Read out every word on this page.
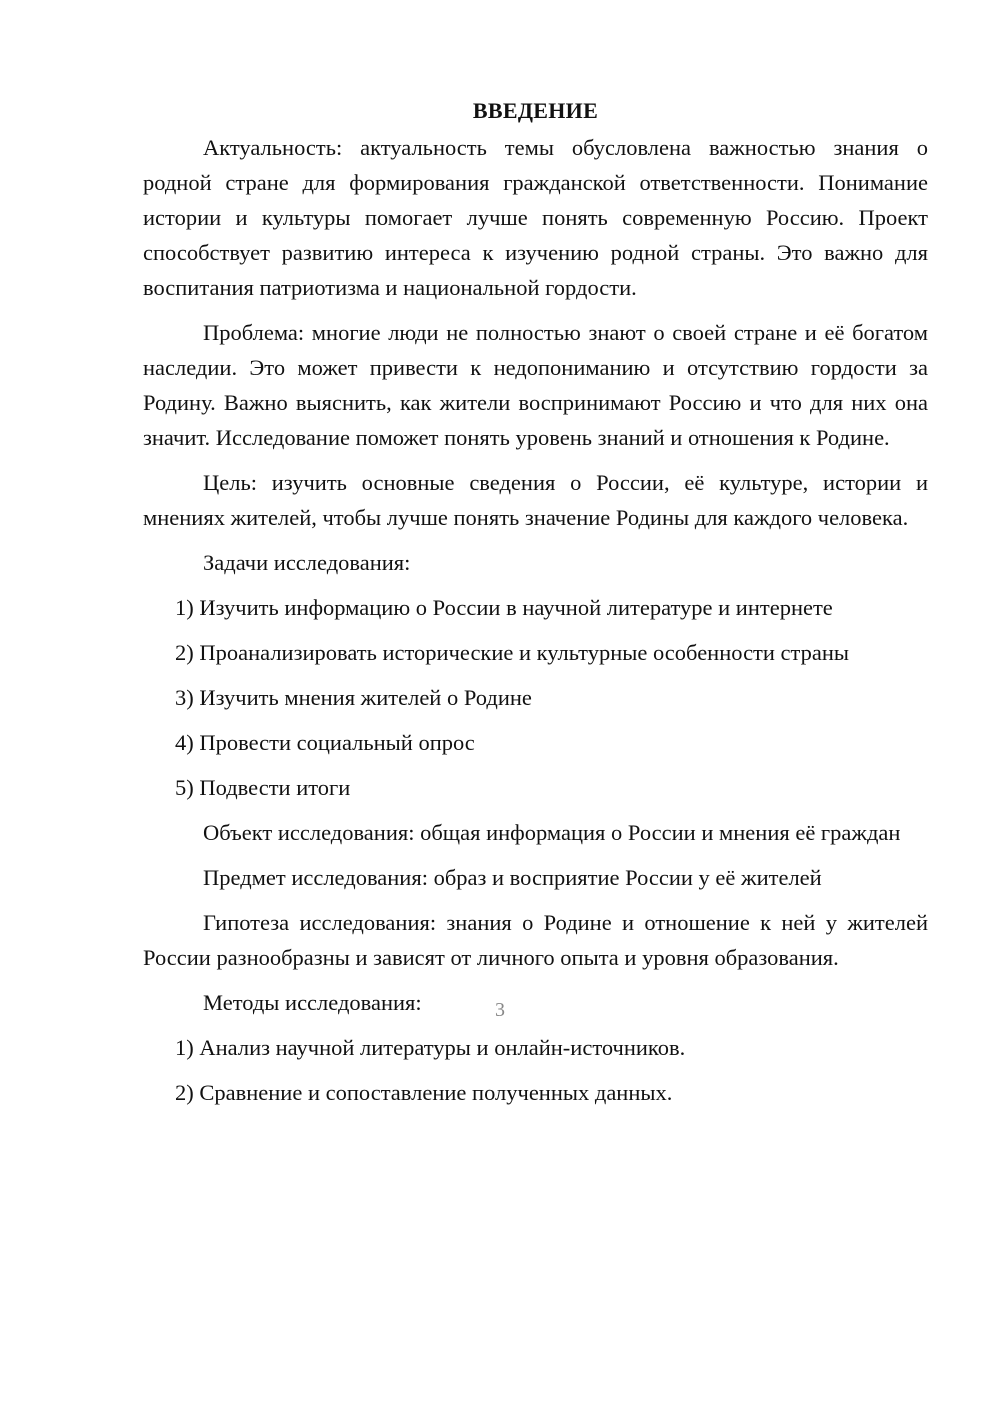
ВВЕДЕНИЕ

Актуальность: актуальность темы обусловлена важностью знания о родной стране для формирования гражданской ответственности. Понимание истории и культуры помогает лучше понять современную Россию. Проект способствует развитию интереса к изучению родной страны. Это важно для воспитания патриотизма и национальной гордости.

Проблема: многие люди не полностью знают о своей стране и её богатом наследии. Это может привести к недопониманию и отсутствию гордости за Родину. Важно выяснить, как жители воспринимают Россию и что для них она значит. Исследование поможет понять уровень знаний и отношения к Родине.

Цель: изучить основные сведения о России, её культуре, истории и мнениях жителей, чтобы лучше понять значение Родины для каждого человека.

Задачи исследования:
1) Изучить информацию о России в научной литературе и интернете
2) Проанализировать исторические и культурные особенности страны
3) Изучить мнения жителей о Родине
4) Провести социальный опрос
5) Подвести итоги

Объект исследования: общая информация о России и мнения её граждан

Предмет исследования: образ и восприятие России у её жителей

Гипотеза исследования: знания о Родине и отношение к ней у жителей России разнообразны и зависят от личного опыта и уровня образования.

Методы исследования:
1) Анализ научной литературы и онлайн-источников.
2) Сравнение и сопоставление полученных данных.
3
